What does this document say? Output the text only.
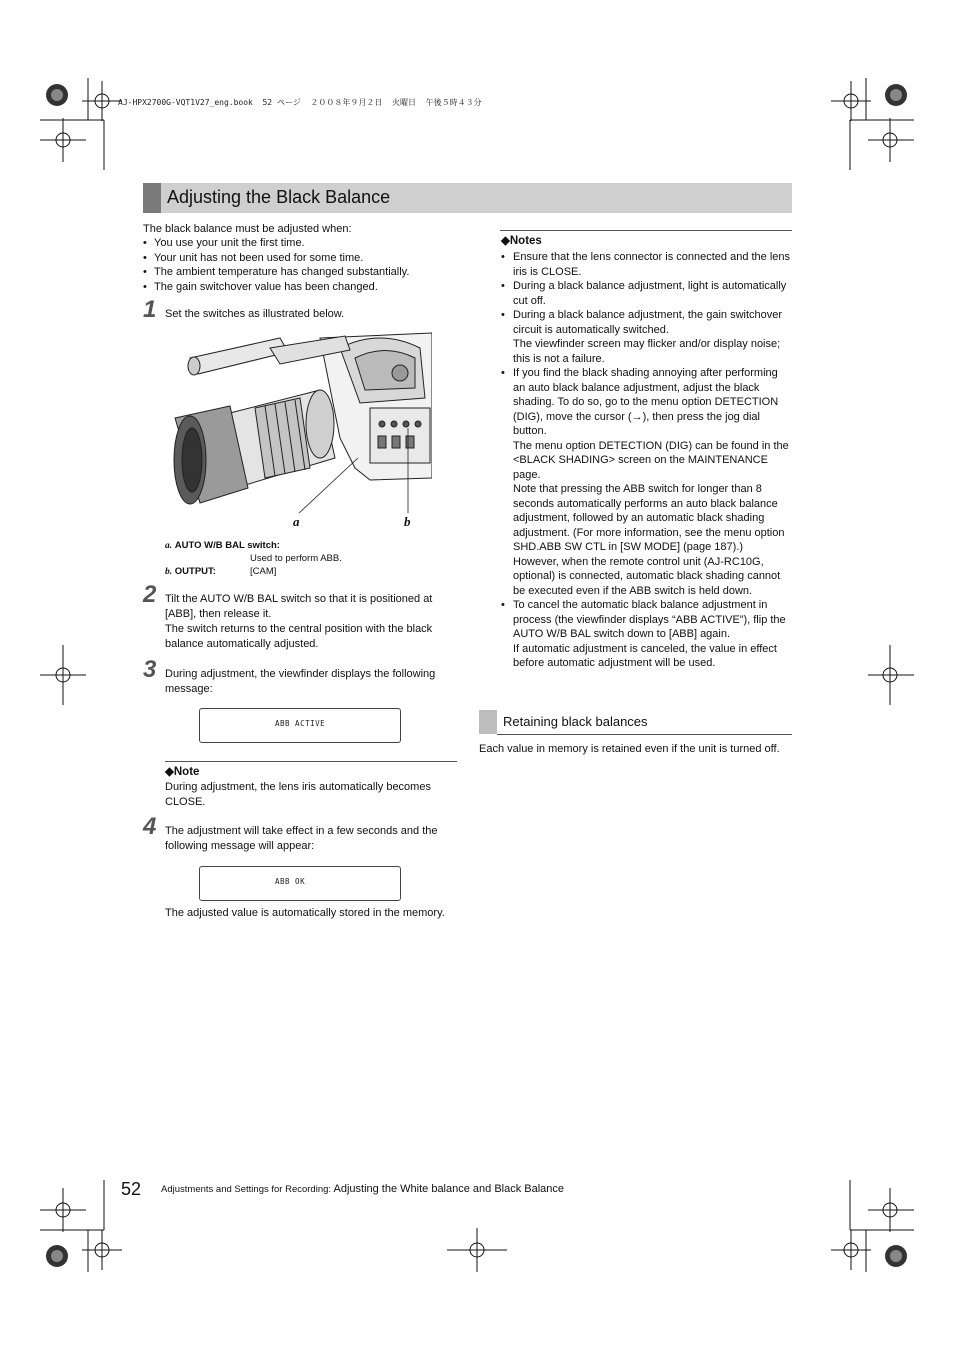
AJ-HPX2700G-VQT1V27_eng.book  52 ページ  ２００８年９月２日  火曜日  午後５時４３分
Adjusting the Black Balance

The black balance must be adjusted when:

• You use your unit the first time.
• Your unit has not been used for some time.
• The ambient temperature has changed substantially.
• The gain switchover value has been changed.
1 Set the switches as illustrated below.
a	b
a. AUTO W/B BAL switch:
Used to perform ABB.
b. OUTPUT:	[CAM]
2 Tilt the AUTO W/B BAL switch so that it is positioned at [ABB], then release it.
The switch returns to the central position with the black balance automatically adjusted.
3 During adjustment, the viewfinder displays the following message:
ABB ACTIVE
◆Note
During adjustment, the lens iris automatically becomes CLOSE.
4 The adjustment will take effect in a few seconds and the following message will appear:
ABB OK
The adjusted value is automatically stored in the memory.
◆Notes
• Ensure that the lens connector is connected and the lens iris is CLOSE.
• During a black balance adjustment, light is automatically cut off.
• During a black balance adjustment, the gain switchover circuit is automatically switched.
The viewfinder screen may flicker and/or display noise; this is not a failure.
• If you find the black shading annoying after performing an auto black balance adjustment, adjust the black shading. To do so, go to the menu option DETECTION (DIG), move the cursor (→), then press the jog dial button.
The menu option DETECTION (DIG) can be found in the <BLACK SHADING> screen on the MAINTENANCE page.
Note that pressing the ABB switch for longer than 8 seconds automatically performs an auto black balance adjustment, followed by an automatic black shading adjustment. (For more information, see the menu option SHD.ABB SW CTL in [SW MODE] (page 187).)
However, when the remote control unit (AJ-RC10G, optional) is connected, automatic black shading cannot be executed even if the ABB switch is held down.
• To cancel the automatic black balance adjustment in process (the viewfinder displays “ABB ACTIVE”), flip the AUTO W/B BAL switch down to [ABB] again.
If automatic adjustment is canceled, the value in effect before automatic adjustment will be used.
Retaining black balances
Each value in memory is retained even if the unit is turned off.
52 Adjustments and Settings for Recording: Adjusting the White balance and Black Balance
